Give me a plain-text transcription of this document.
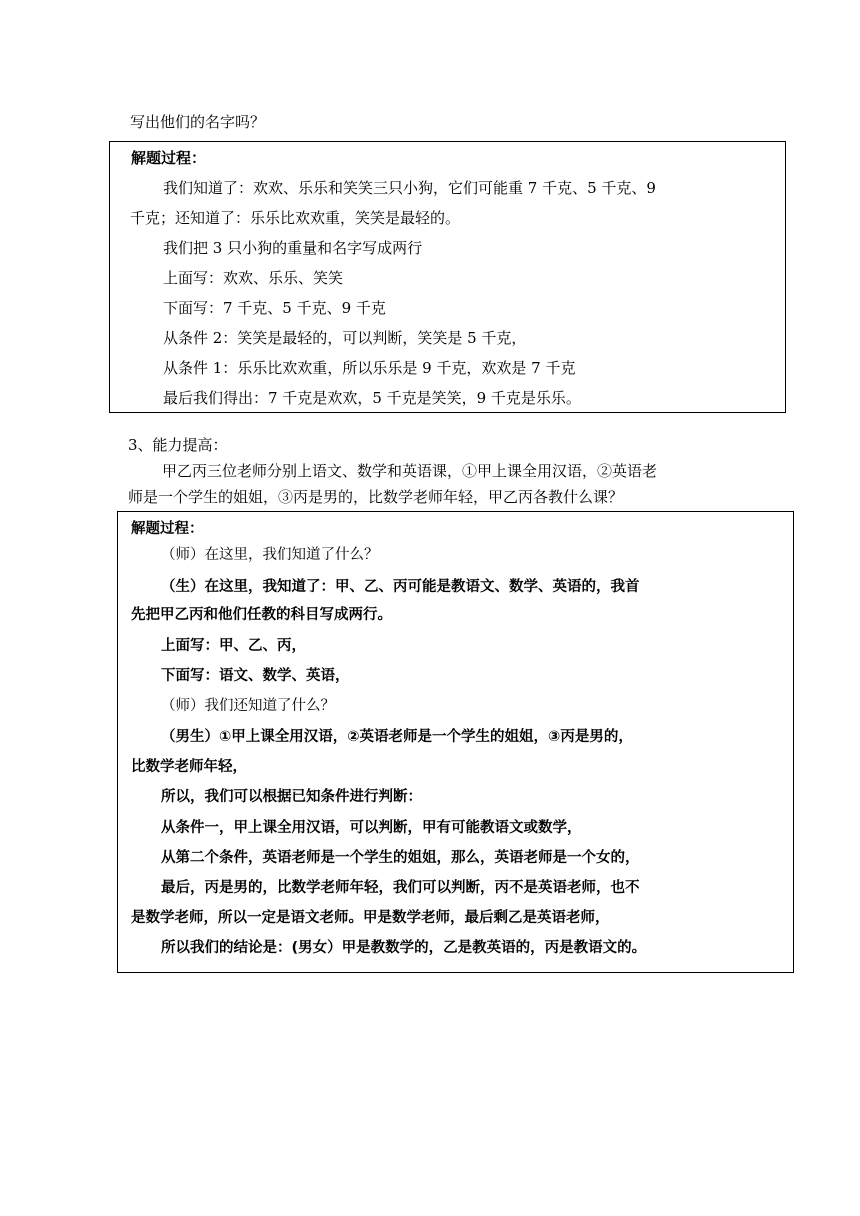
写出他们的名字吗？
解题过程：
我们知道了：欢欢、乐乐和笑笑三只小狗，它们可能重 7 千克、5 千克、9
千克；还知道了：乐乐比欢欢重，笑笑是最轻的。
我们把 3 只小狗的重量和名字写成两行
上面写：欢欢、乐乐、笑笑
下面写：7 千克、5 千克、9 千克
从条件 2：笑笑是最轻的，可以判断，笑笑是 5 千克，
从条件 1：乐乐比欢欢重，所以乐乐是 9 千克，欢欢是 7 千克
最后我们得出：7 千克是欢欢，5 千克是笑笑，9 千克是乐乐。
3、能力提高：
甲乙丙三位老师分别上语文、数学和英语课，①甲上课全用汉语，②英语老
师是一个学生的姐姐，③丙是男的，比数学老师年轻，甲乙丙各教什么课？
解题过程：
（师）在这里，我们知道了什么？
（生）在这里，我知道了：甲、乙、丙可能是教语文、数学、英语的，我首
先把甲乙丙和他们任教的科目写成两行。
上面写：甲、乙、丙，
下面写：语文、数学、英语，
（师）我们还知道了什么？
（男生）①甲上课全用汉语，②英语老师是一个学生的姐姐，③丙是男的，
比数学老师年轻，
所以，我们可以根据已知条件进行判断：
从条件一，甲上课全用汉语，可以判断，甲有可能教语文或数学，
从第二个条件，英语老师是一个学生的姐姐，那么，英语老师是一个女的，
最后，丙是男的，比数学老师年轻，我们可以判断，丙不是英语老师，也不
是数学老师，所以一定是语文老师。甲是数学老师，最后剩乙是英语老师，
所以我们的结论是：(男女）甲是教数学的，乙是教英语的，丙是教语文的。
